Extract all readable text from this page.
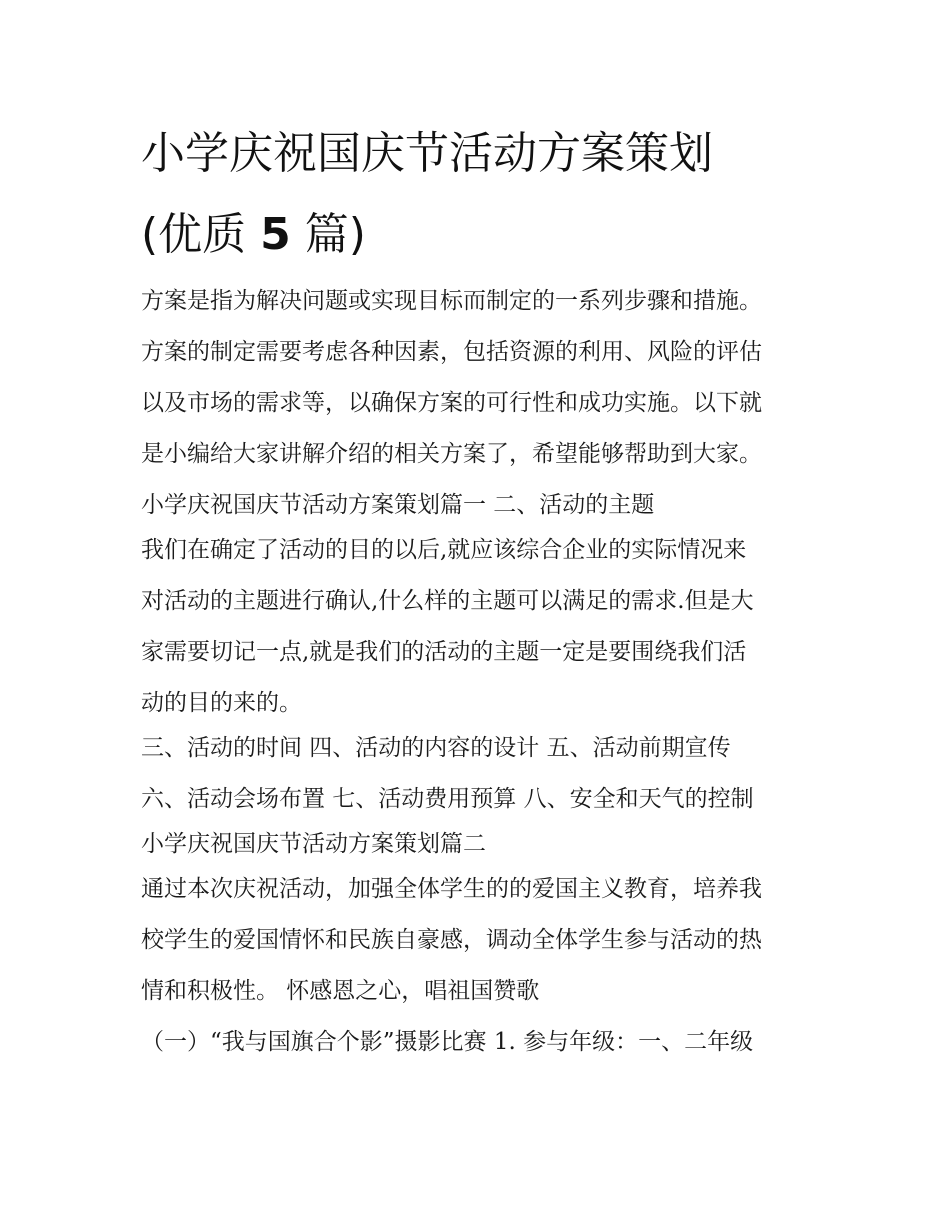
小学庆祝国庆节活动方案策划
(优质 5 篇)
方案是指为解决问题或实现目标而制定的一系列步骤和措施。
方案的制定需要考虑各种因素，包括资源的利用、风险的评估
以及市场的需求等，以确保方案的可行性和成功实施。以下就
是小编给大家讲解介绍的相关方案了，希望能够帮助到大家。
小学庆祝国庆节活动方案策划篇一 二、活动的主题
我们在确定了活动的目的以后,就应该综合企业的实际情况来
对活动的主题进行确认,什么样的主题可以满足的需求.但是大
家需要切记一点,就是我们的活动的主题一定是要围绕我们活
动的目的来的。
三、活动的时间 四、活动的内容的设计 五、活动前期宣传
六、活动会场布置 七、活动费用预算 八、安全和天气的控制
小学庆祝国庆节活动方案策划篇二
通过本次庆祝活动，加强全体学生的的爱国主义教育，培养我
校学生的爱国情怀和民族自豪感，调动全体学生参与活动的热
情和积极性。 怀感恩之心，唱祖国赞歌
（一）“我与国旗合个影”摄影比赛 1. 参与年级：一、二年级
